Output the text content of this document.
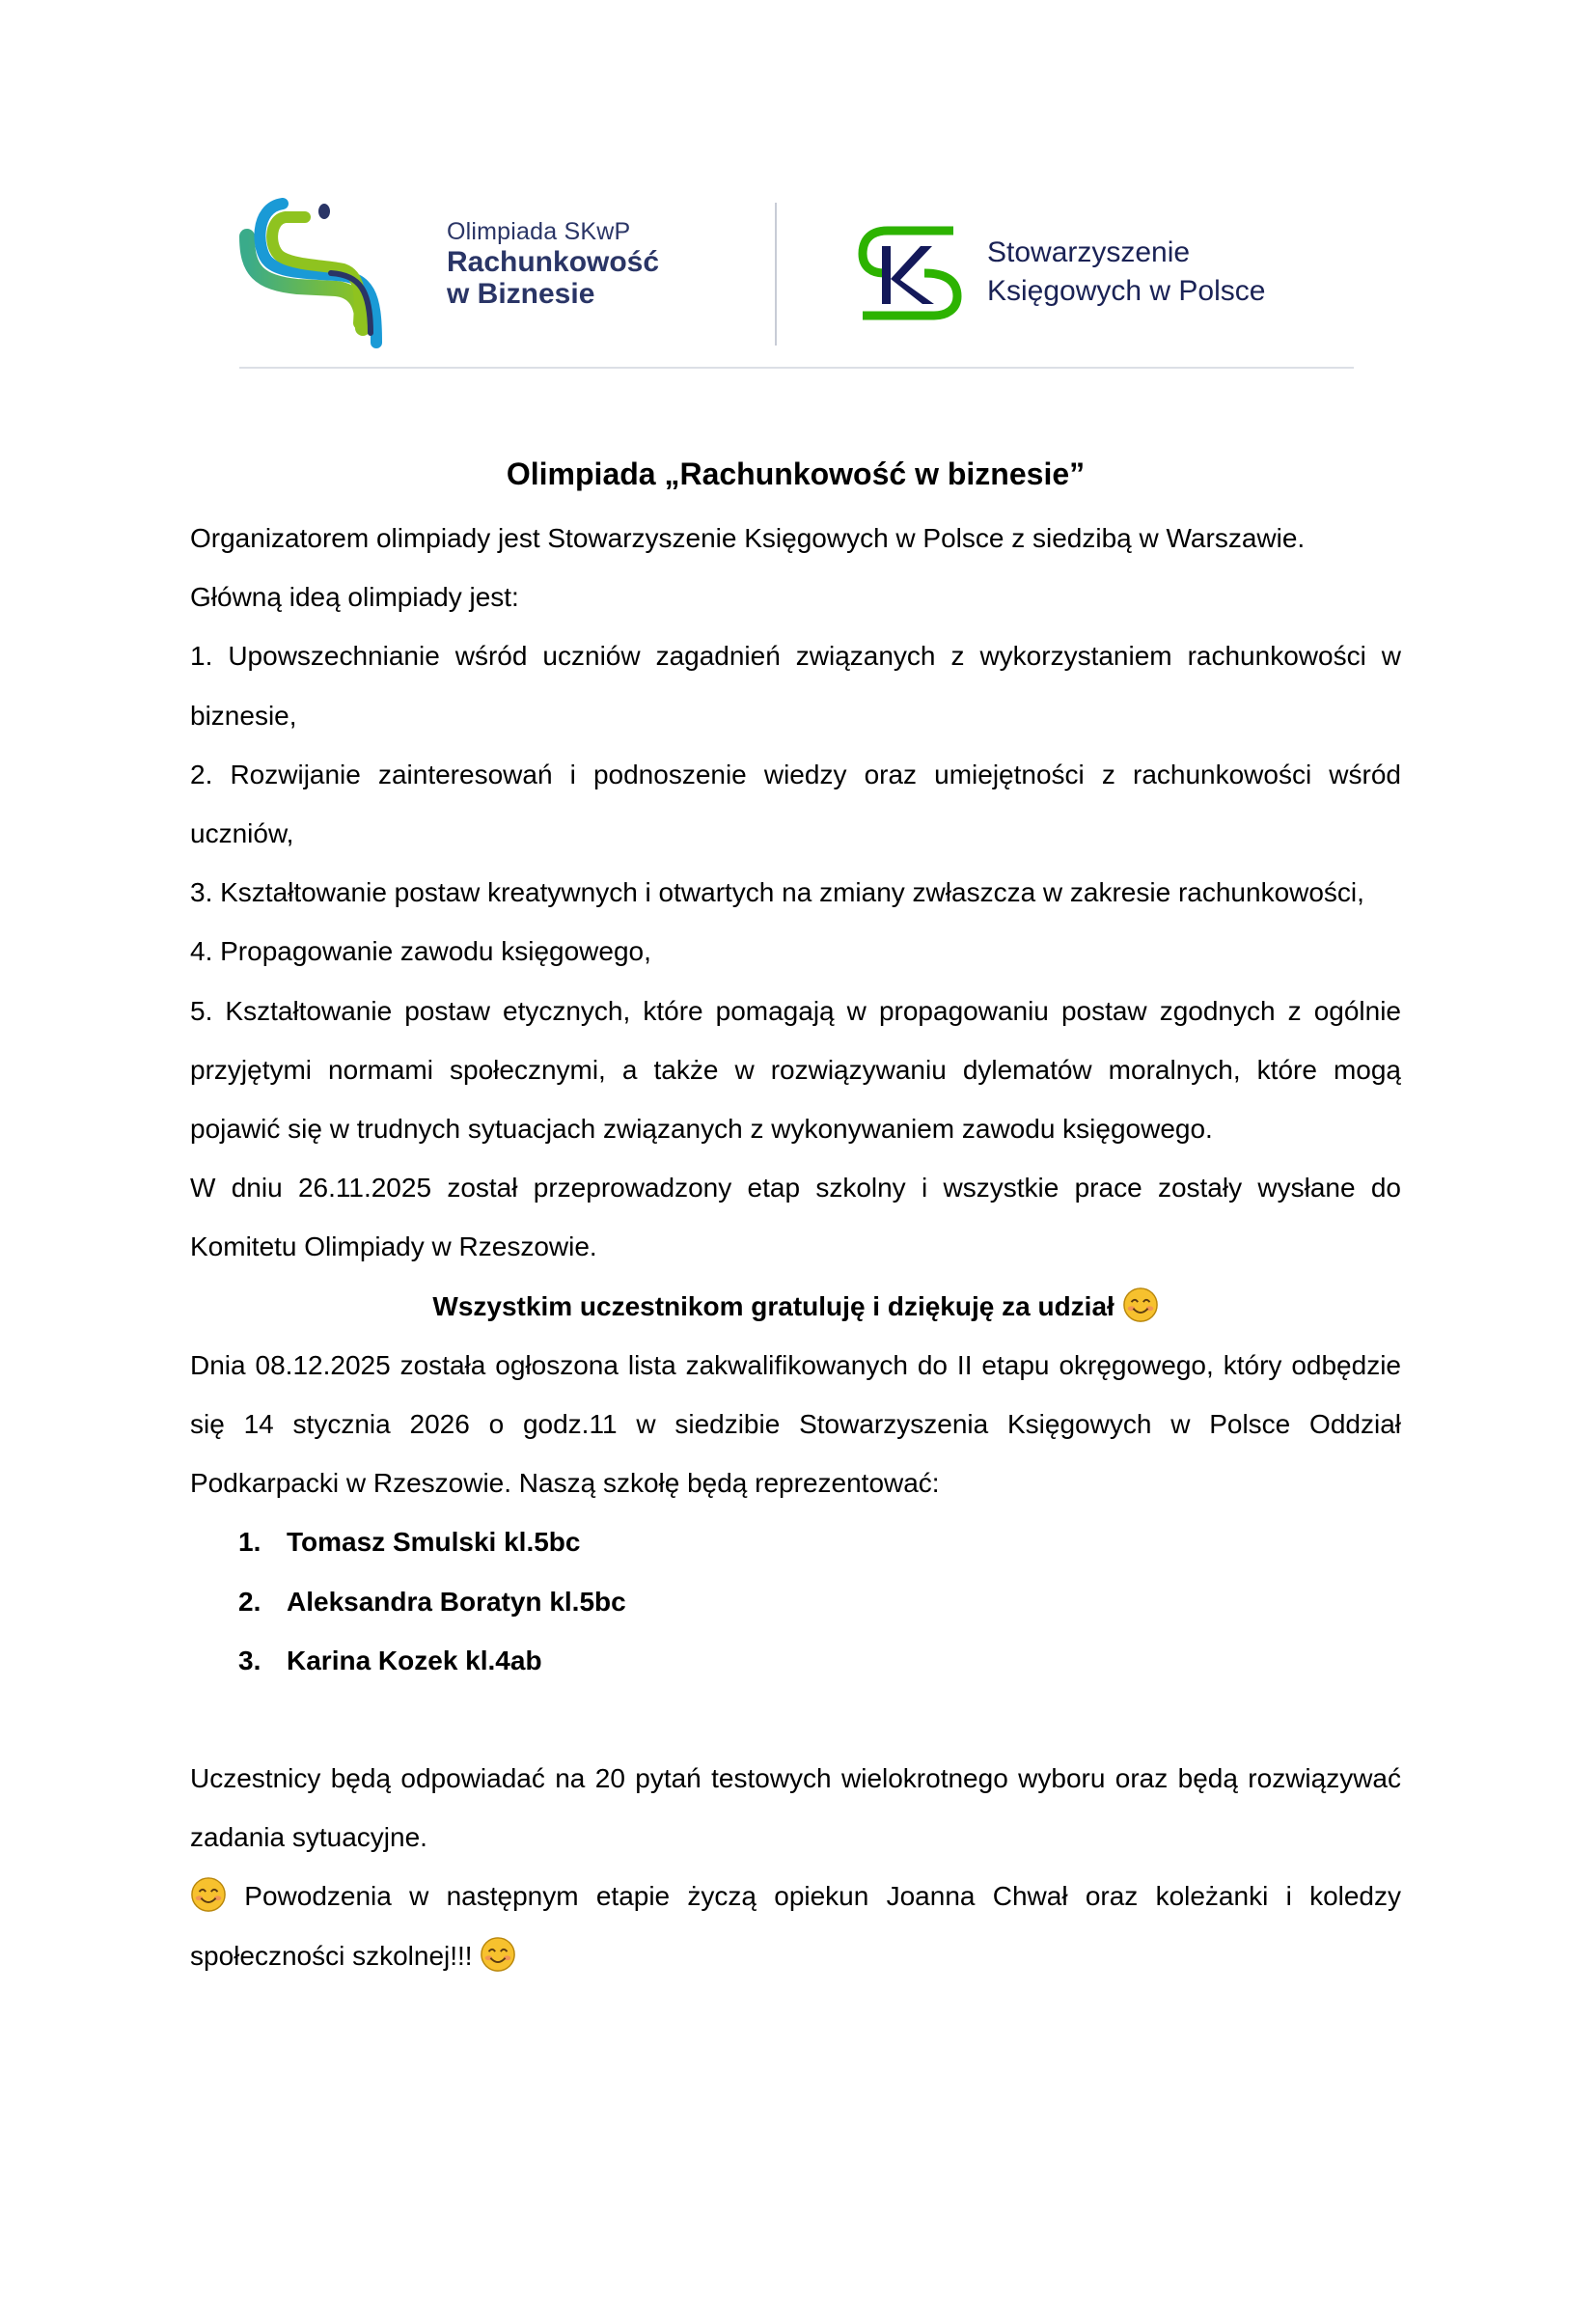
Olimpiada SKwP
Rachunkowość
w Biznesie
Stowarzyszenie
Księgowych w Polsce
Olimpiada „Rachunkowość w biznesie”

Organizatorem olimpiady jest Stowarzyszenie Księgowych w Polsce z siedzibą w Warszawie.

Główną ideą olimpiady jest:

1. Upowszechnianie wśród uczniów zagadnień związanych z wykorzystaniem rachunkowości w biznesie,

2. Rozwijanie zainteresowań i podnoszenie wiedzy oraz umiejętności z rachunkowości wśród uczniów,

3. Kształtowanie postaw kreatywnych i otwartych na zmiany zwłaszcza w zakresie rachunkowości,

4. Propagowanie zawodu księgowego,

5. Kształtowanie postaw etycznych, które pomagają w propagowaniu postaw zgodnych z ogólnie przyjętymi normami społecznymi, a także w rozwiązywaniu dylematów moralnych, które mogą pojawić się w trudnych sytuacjach związanych z wykonywaniem zawodu księgowego.

W dniu 26.11.2025 został przeprowadzony etap szkolny i wszystkie prace zostały wysłane do Komitetu Olimpiady w Rzeszowie.

Wszystkim uczestnikom gratuluję i dziękuję za udział

Dnia 08.12.2025 została ogłoszona lista zakwalifikowanych do II etapu okręgowego, który odbędzie się 14 stycznia 2026 o godz.11 w siedzibie Stowarzyszenia Księgowych w Polsce Oddział Podkarpacki w Rzeszowie. Naszą szkołę będą reprezentować:

1. Tomasz Smulski kl.5bc
2. Aleksandra Boratyn kl.5bc
3. Karina Kozek kl.4ab

Uczestnicy będą odpowiadać na 20 pytań testowych wielokrotnego wyboru oraz będą rozwiązywać zadania sytuacyjne.

Powodzenia w następnym etapie życzą opiekun Joanna Chwał oraz koleżanki i koledzy społeczności szkolnej!!!
